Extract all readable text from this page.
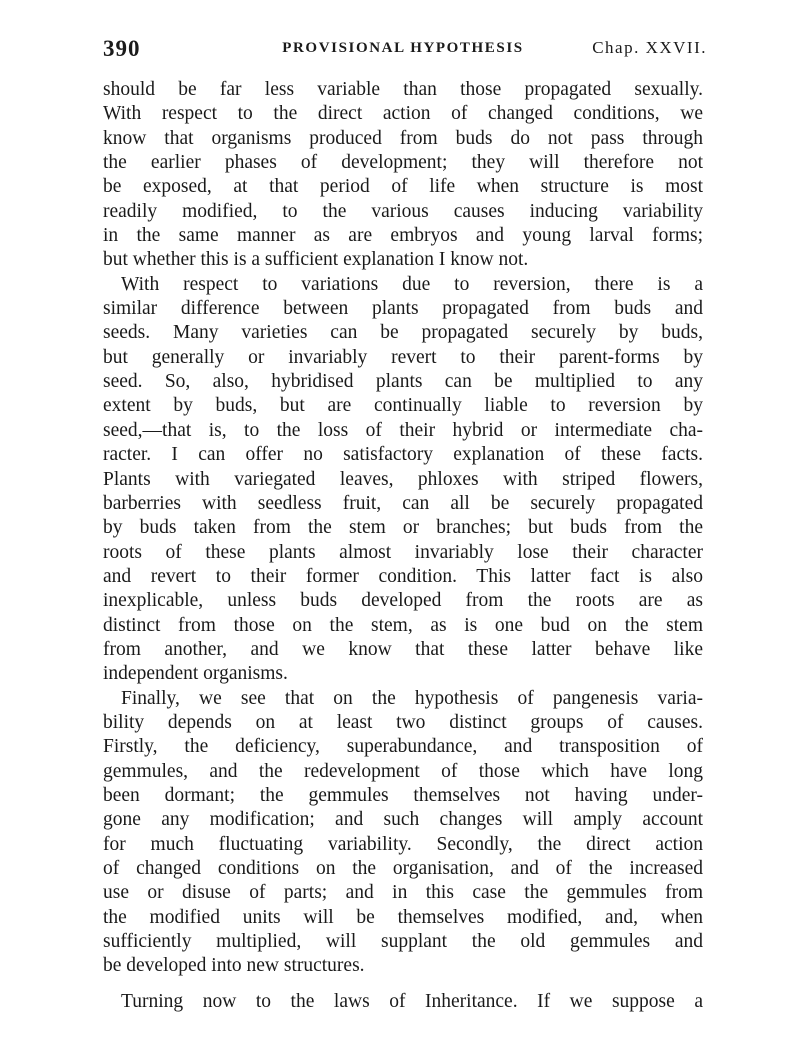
390	PROVISIONAL HYPOTHESIS	Chap. XXVII.
should be far less variable than those propagated sexually.
With respect to the direct action of changed conditions, we
know that organisms produced from buds do not pass through
the earlier phases of development; they will therefore not
be exposed, at that period of life when structure is most
readily modified, to the various causes inducing variability
in the same manner as are embryos and young larval forms;
but whether this is a sufficient explanation I know not.
With respect to variations due to reversion, there is a
similar difference between plants propagated from buds and
seeds. Many varieties can be propagated securely by buds,
but generally or invariably revert to their parent-forms by
seed. So, also, hybridised plants can be multiplied to any
extent by buds, but are continually liable to reversion by
seed,—that is, to the loss of their hybrid or intermediate cha-
racter. I can offer no satisfactory explanation of these facts.
Plants with variegated leaves, phloxes with striped flowers,
barberries with seedless fruit, can all be securely propagated
by buds taken from the stem or branches; but buds from the
roots of these plants almost invariably lose their character
and revert to their former condition. This latter fact is also
inexplicable, unless buds developed from the roots are as
distinct from those on the stem, as is one bud on the stem
from another, and we know that these latter behave like
independent organisms.
Finally, we see that on the hypothesis of pangenesis varia-
bility depends on at least two distinct groups of causes.
Firstly, the deficiency, superabundance, and transposition of
gemmules, and the redevelopment of those which have long
been dormant; the gemmules themselves not having under-
gone any modification; and such changes will amply account
for much fluctuating variability. Secondly, the direct action
of changed conditions on the organisation, and of the increased
use or disuse of parts; and in this case the gemmules from
the modified units will be themselves modified, and, when
sufficiently multiplied, will supplant the old gemmules and
be developed into new structures.
Turning now to the laws of Inheritance. If we suppose a
